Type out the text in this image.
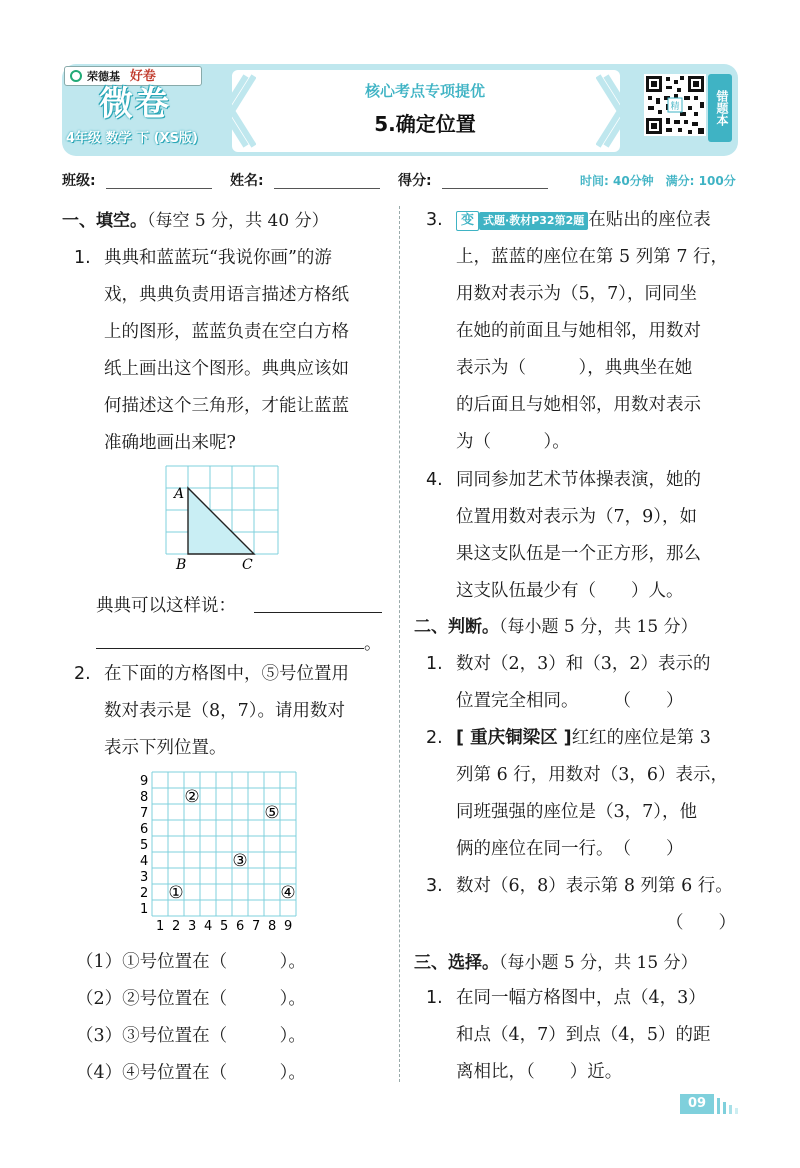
荣德基 好卷
微卷
4年级 数学 下 (XS版)
核心考点专项提优
5.确定位置
精	错题本
班级:	姓名:	得分:	时间: 40分钟　满分: 100分
一、填空。（每空 5 分，共 40 分）
1. 典典和蓝蓝玩“我说你画”的游
戏，典典负责用语言描述方格纸
上的图形，蓝蓝负责在空白方格
纸上画出这个图形。典典应该如
何描述这个三角形，才能让蓝蓝
准确地画出来呢?
A
B	C
典典可以这样说：
。
2. 在下面的方格图中，⑤号位置用
数对表示是（8，7）。请用数对
表示下列位置。
9
8
7
6
5
4
3
2
1
1 2 3 4 5 6 7 8 9
①
②
③
④
⑤
（1）①号位置在（　　　）。
（2）②号位置在（　　　）。
（3）③号位置在（　　　）。
（4）④号位置在（　　　）。
3.	变 式题·教材P32第2题 在贴出的座位表
上，蓝蓝的座位在第 5 列第 7 行，
用数对表示为（5，7），同同坐
在她的前面且与她相邻，用数对
表示为（　　　），典典坐在她
的后面且与她相邻，用数对表示
为（　　　）。
4. 同同参加艺术节体操表演，她的
位置用数对表示为（7，9），如
果这支队伍是一个正方形，那么
这支队伍最少有（　　）人。
二、判断。（每小题 5 分，共 15 分）
1. 数对（2，3）和（3，2）表示的
位置完全相同。　　　（　　）
2. [ 重庆铜梁区 ]红红的座位是第 3
列第 6 行，用数对（3，6）表示，
同班强强的座位是（3，7），他
俩的座位在同一行。　（　　）
3. 数对（6，8）表示第 8 列第 6 行。
（　　）
三、选择。（每小题 5 分，共 15 分）
1. 在同一幅方格图中，点（4，3）
和点（4，7）到点（4，5）的距
离相比，（　　）近。
09
